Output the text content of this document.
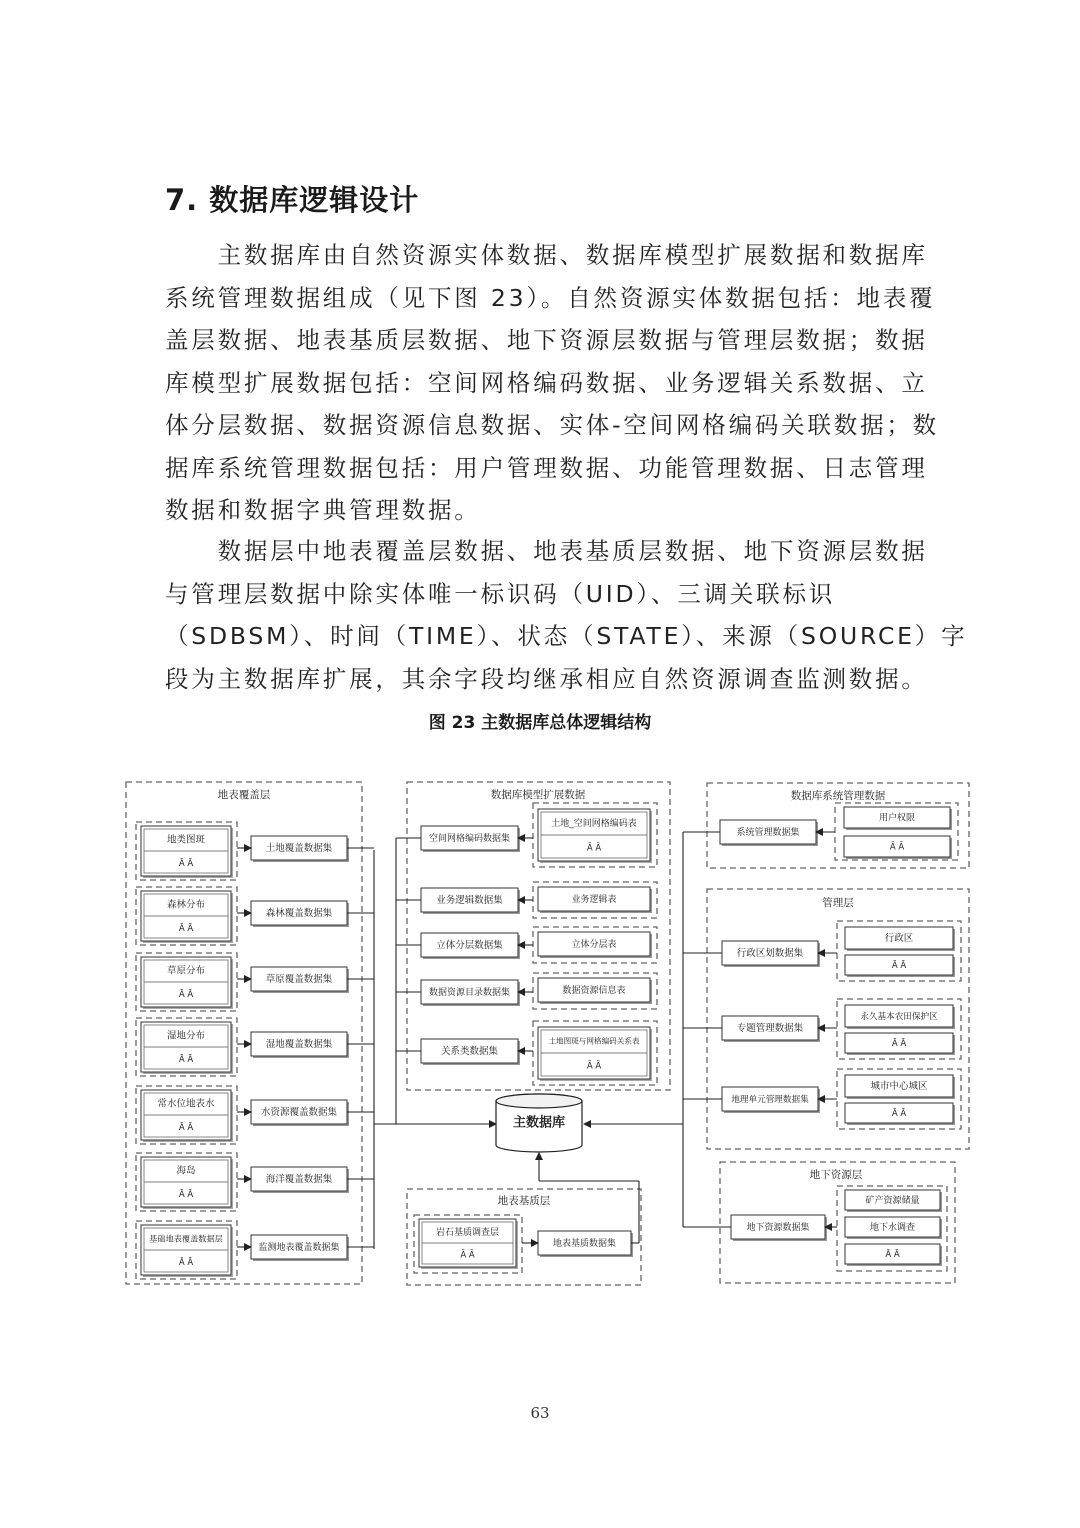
7. 数据库逻辑设计
　　主数据库由自然资源实体数据、数据库模型扩展数据和数据库
系统管理数据组成（见下图 23）。自然资源实体数据包括：地表覆
盖层数据、地表基质层数据、地下资源层数据与管理层数据；数据
库模型扩展数据包括：空间网格编码数据、业务逻辑关系数据、立
体分层数据、数据资源信息数据、实体-空间网格编码关联数据；数
据库系统管理数据包括：用户管理数据、功能管理数据、日志管理
数据和数据字典管理数据。
　　数据层中地表覆盖层数据、地表基质层数据、地下资源层数据
与管理层数据中除实体唯一标识码（UID）、三调关联标识
（SDBSM）、时间（TIME）、状态（STATE）、来源（SOURCE）字
段为主数据库扩展，其余字段均继承相应自然资源调查监测数据。
图 23 主数据库总体逻辑结构
地表覆盖层
地类图斑
Ā Ā
土地覆盖数据集
森林分布
Ā Ā
森林覆盖数据集
草原分布
Ā Ā
草原覆盖数据集
湿地分布
Ā Ā
湿地覆盖数据集
常水位地表水
Ā Ā
水资源覆盖数据集
海岛
Ā Ā
海洋覆盖数据集
基础地表覆盖数据层
Ā Ā
监测地表覆盖数据集
数据库模型扩展数据
空间网格编码数据集
土地_空间网格编码表
Ā Ā
业务逻辑数据集	业务逻辑表
立体分层数据集	立体分层表
数据资源目录数据集	数据资源信息表
关系类数据集
土地图斑与网格编码关系表
Ā Ā
主数据库
数据库系统管理数据
系统管理数据集
用户权限
Ā Ā
管理层
行政区划数据集
行政区
Ā Ā
专题管理数据集
永久基本农田保护区
Ā Ā
地理单元管理数据集
城市中心城区
Ā Ā
地下资源层
地下资源数据集
矿产资源储量
地下水调查
Ā Ā
地表基质层
岩石基质调查层
Ā Ā
地表基质数据集
63
